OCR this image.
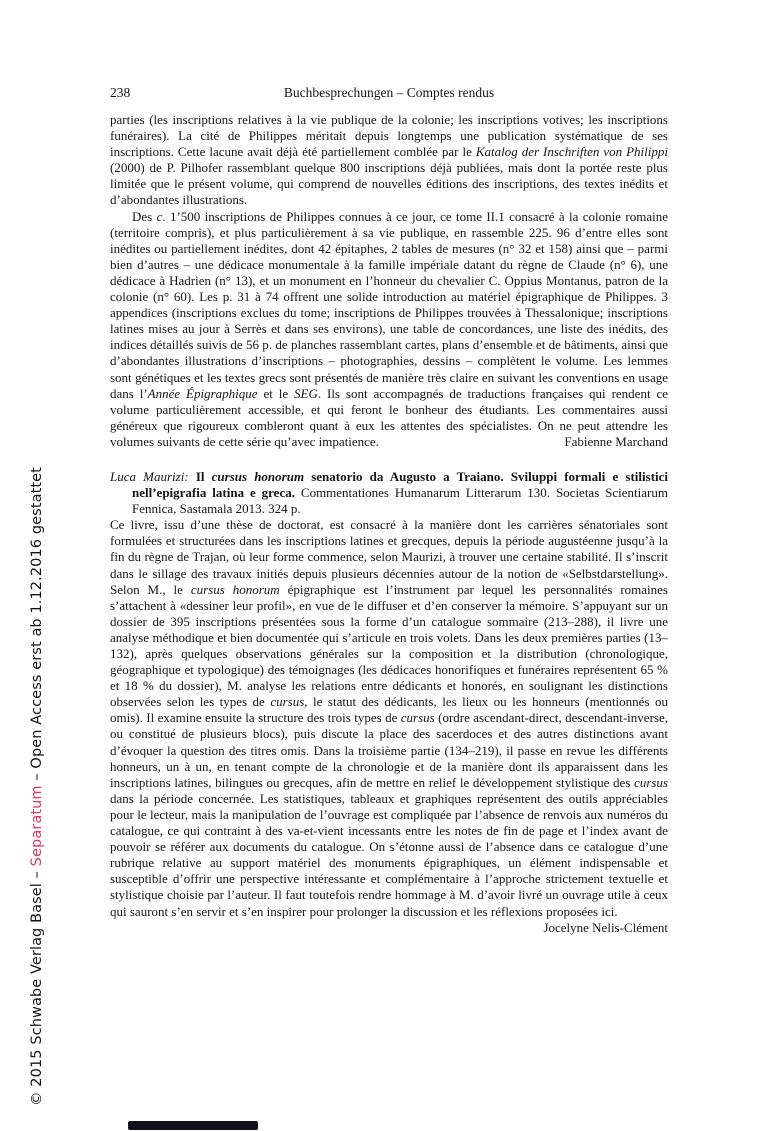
© 2015 Schwabe Verlag Basel – Separatum – Open Access erst ab 1.12.2016 gestattet
238	Buchbesprechungen – Comptes rendus

parties (les inscriptions relatives à la vie publique de la colonie; les inscriptions votives; les inscriptions funéraires). La cité de Philippes méritait depuis longtemps une publication systématique de ses inscriptions. Cette lacune avait déjà été partiellement comblée par le Katalog der Inschriften von Philippi (2000) de P. Pilhofer rassemblant quelque 800 inscriptions déjà publiées, mais dont la portée reste plus limitée que le présent volume, qui comprend de nouvelles éditions des inscriptions, des textes inédits et d’abondantes illustrations.

Des c. 1’500 inscriptions de Philippes connues à ce jour, ce tome II.1 consacré à la colonie romaine (territoire compris), et plus particulièrement à sa vie publique, en rassemble 225. 96 d’entre elles sont inédites ou partiellement inédites, dont 42 épitaphes, 2 tables de mesures (n° 32 et 158) ainsi que – parmi bien d’autres – une dédicace monumentale à la famille impériale datant du règne de Claude (n° 6), une dédicace à Hadrien (n° 13), et un monument en l’honneur du chevalier C. Oppius Montanus, patron de la colonie (n° 60). Les p. 31 à 74 offrent une solide introduction au matériel épigraphique de Philippes. 3 appendices (inscriptions exclues du tome; inscriptions de Philippes trouvées à Thessalonique; inscriptions latines mises au jour à Serrès et dans ses environs), une table de concordances, une liste des inédits, des indices détaillés suivis de 56 p. de planches rassemblant cartes, plans d’ensemble et de bâtiments, ainsi que d’abondantes illustrations d’inscriptions – photographies, dessins – complètent le volume. Les lemmes sont génétiques et les textes grecs sont présentés de manière très claire en suivant les conventions en usage dans l’Année Épigraphique et le SEG. Ils sont accompagnés de traductions françaises qui rendent ce volume particulièrement accessible, et qui feront le bonheur des étudiants. Les commentaires aussi généreux que rigoureux combleront quant à eux les attentes des spécialistes. On ne peut attendre les volumes suivants de cette série qu’avec impatience.	Fabienne Marchand

Luca Maurizi: Il cursus honorum senatorio da Augusto a Traiano. Sviluppi formali e stilistici nell’epigrafia latina e greca. Commentationes Humanarum Litterarum 130. Societas Scientiarum Fennica, Sastamala 2013. 324 p.

Ce livre, issu d’une thèse de doctorat, est consacré à la manière dont les carrières sénatoriales sont formulées et structurées dans les inscriptions latines et grecques, depuis la période augustéenne jusqu’à la fin du règne de Trajan, où leur forme commence, selon Maurizi, à trouver une certaine stabilité. Il s’inscrit dans le sillage des travaux initiés depuis plusieurs décennies autour de la notion de «Selbstdarstellung». Selon M., le cursus honorum épigraphique est l’instrument par lequel les personnalités romaines s’attachent à «dessiner leur profil», en vue de le diffuser et d’en conserver la mémoire. S’appuyant sur un dossier de 395 inscriptions présentées sous la forme d’un catalogue sommaire (213–288), il livre une analyse méthodique et bien documentée qui s’articule en trois volets. Dans les deux premières parties (13–132), après quelques observations générales sur la composition et la distribution (chronologique, géographique et typologique) des témoignages (les dédicaces honorifiques et funéraires représentent 65 % et 18 % du dossier), M. analyse les relations entre dédicants et honorés, en soulignant les distinctions observées selon les types de cursus, le statut des dédicants, les lieux ou les honneurs (mentionnés ou omis). Il examine ensuite la structure des trois types de cursus (ordre ascendant-direct, descendant-inverse, ou constitué de plusieurs blocs), puis discute la place des sacerdoces et des autres distinctions avant d’évoquer la question des titres omis. Dans la troisième partie (134–219), il passe en revue les différents honneurs, un à un, en tenant compte de la chronologie et de la manière dont ils apparaissent dans les inscriptions latines, bilingues ou grecques, afin de mettre en relief le développement stylistique des cursus dans la période concernée. Les statistiques, tableaux et graphiques représentent des outils appréciables pour le lecteur, mais la manipulation de l’ouvrage est compliquée par l’absence de renvois aux numéros du catalogue, ce qui contraint à des va-et-vient incessants entre les notes de fin de page et l’index avant de pouvoir se référer aux documents du catalogue. On s’étonne aussi de l’absence dans ce catalogue d’une rubrique relative au support matériel des monuments épigraphiques, un élément indispensable et susceptible d’offrir une perspective intéressante et complémentaire à l’approche strictement textuelle et stylistique choisie par l’auteur. Il faut toutefois rendre hommage à M. d’avoir livré un ouvrage utile à ceux qui sauront s’en servir et s’en inspirer pour prolonger la discussion et les réflexions proposées ici.
Jocelyne Nelis-Clément
